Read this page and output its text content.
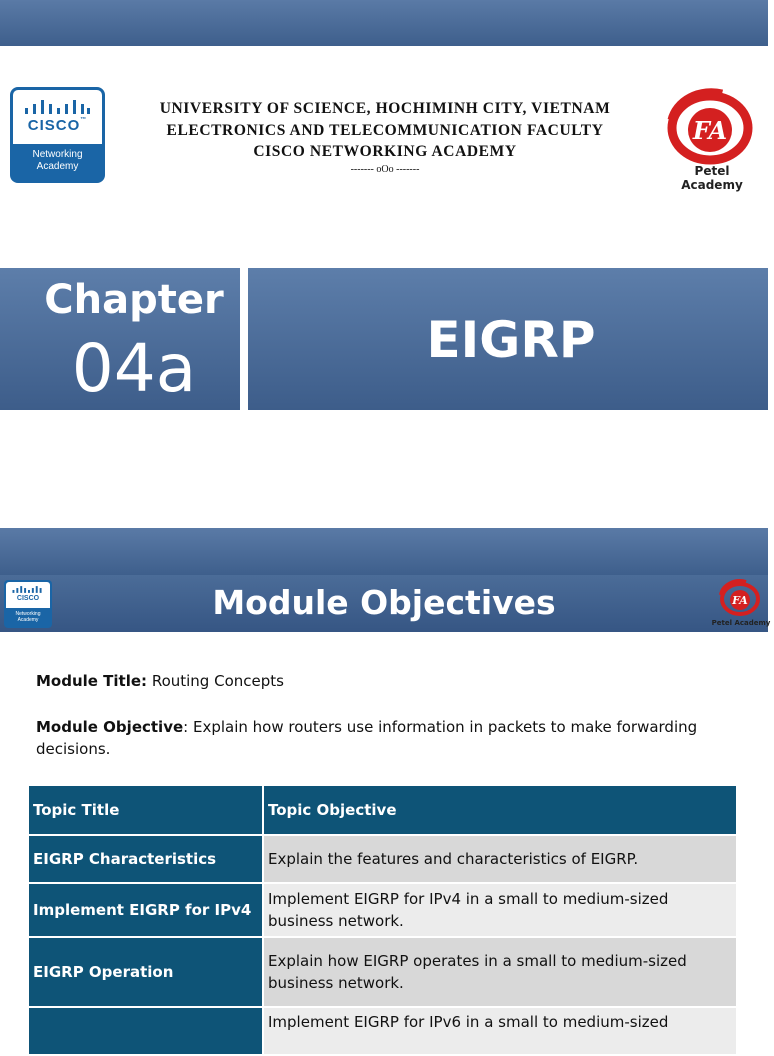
CISCO™
Networking
Academy
UNIVERSITY OF SCIENCE, HOCHIMINH CITY, VIETNAM
ELECTRONICS AND TELECOMMUNICATION FACULTY
CISCO NETWORKING ACADEMY
------- oOo -------
FA
Petel Academy
Chapter
04a	EIGRP
CISCO
Networking
Academy	Module Objectives	FA
Petel Academy
Module Title: Routing Concepts
Module Objective: Explain how routers use information in packets to make forwarding decisions.
Topic Title	Topic Objective
EIGRP Characteristics	Explain the features and characteristics of EIGRP.
Implement EIGRP for IPv4	Implement EIGRP for IPv4 in a small to medium-sized business network.
EIGRP Operation	Explain how EIGRP operates in a small to medium-sized business network.
	Implement EIGRP for IPv6 in a small to medium-sized
